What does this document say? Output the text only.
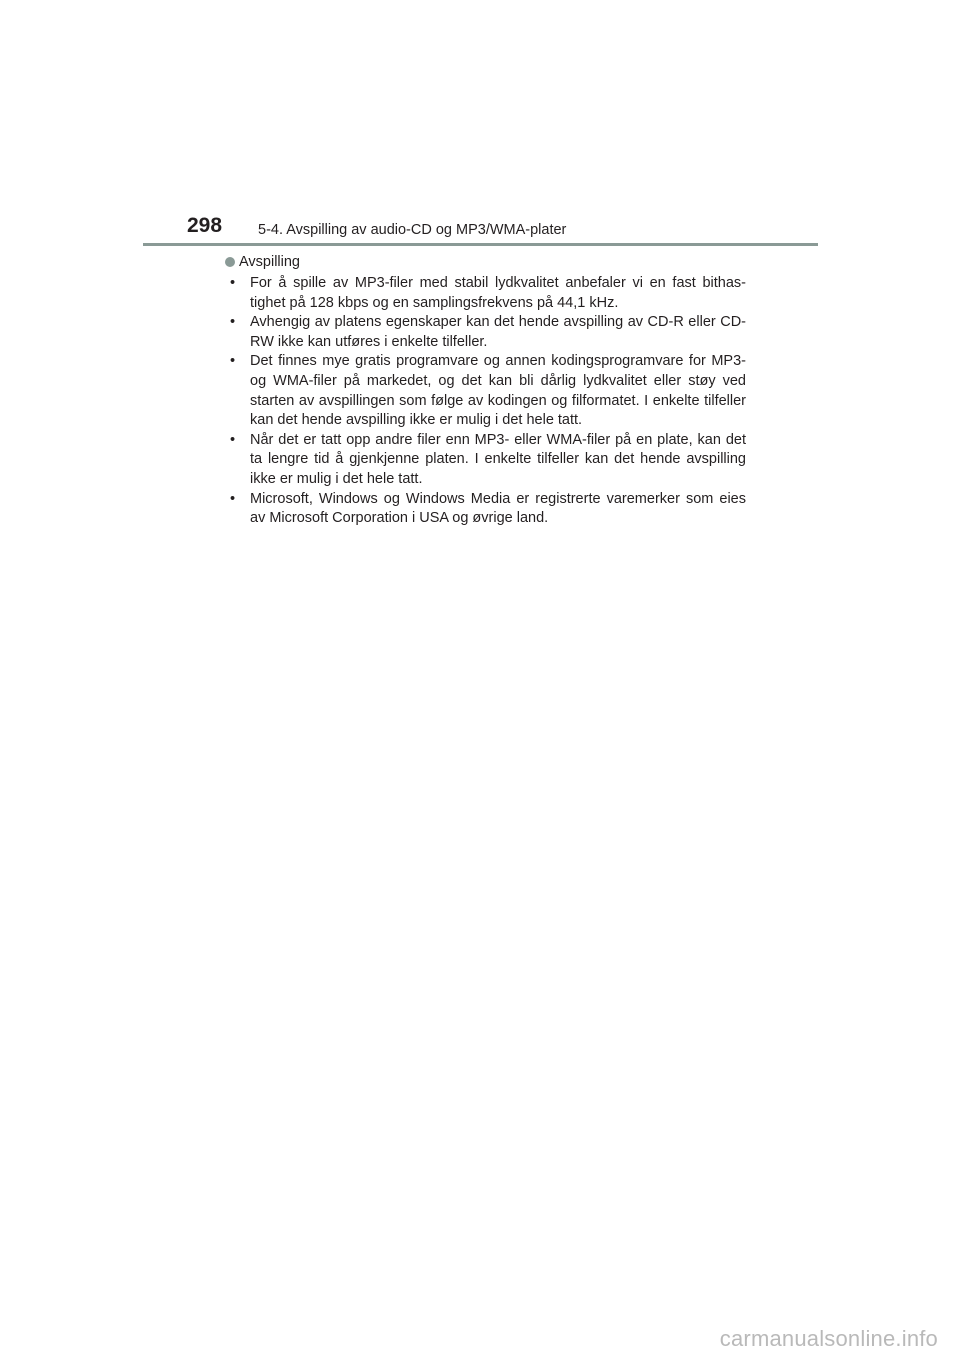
298 5-4. Avspilling av audio-CD og MP3/WMA-plater
Avspilling
•	For å spille av MP3-filer med stabil lydkvalitet anbefaler vi en fast bithas-tighet på 128 kbps og en samplingsfrekvens på 44,1 kHz.
•	Avhengig av platens egenskaper kan det hende avspilling av CD-R eller CD-RW ikke kan utføres i enkelte tilfeller.
•	Det finnes mye gratis programvare og annen kodingsprogramvare for MP3- og WMA-filer på markedet, og det kan bli dårlig lydkvalitet eller støy ved starten av avspillingen som følge av kodingen og filformatet. I enkelte tilfeller kan det hende avspilling ikke er mulig i det hele tatt.
•	Når det er tatt opp andre filer enn MP3- eller WMA-filer på en plate, kan det ta lengre tid å gjenkjenne platen. I enkelte tilfeller kan det hende avspilling ikke er mulig i det hele tatt.
•	Microsoft, Windows og Windows Media er registrerte varemerker som eies av Microsoft Corporation i USA og øvrige land.
carmanualsonline.info
